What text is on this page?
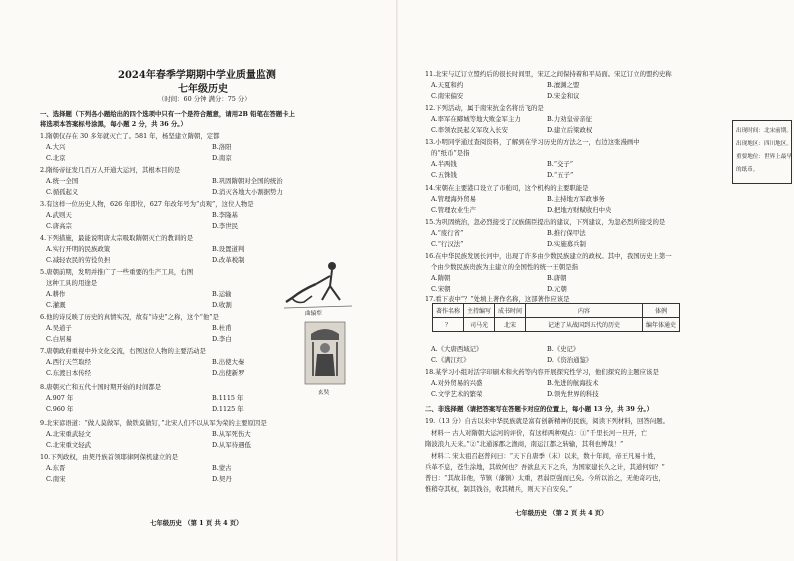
2024年春季学期期中学业质量监测
七年级历史
（时间：60 分钟 满分：75 分）
一、选择题（下列各小题给出的四个选项中只有一个是符合题意，请用2B 铅笔在答题卡上
将选项本答案标号涂黑，每小题 2 分，共 36 分。）
1.隋朝仅存在 30 多年就灭亡了。581 年，杨坚建立隋朝，定都
A.大兴	B.洛阳
C.北京	D.南京
2.隋炀帝征发几百万人开通大运河，其根本目的是
A.统一全国	B.巩固隋朝对全国的统治
C.循孤起义	D.消灭各地大小割据势力
3.有这样一位历史人物，626 年即位，627 年改年号为“贞观”，这位人物是
A.武则天	B.李隆基
C.唐高宗	D.李世民
4.下列措施，最能说明唐太宗吸取隋朝灭亡的教训的是
A.实行开明的民族政策	B.设置道判
C.减轻农民的劳役负担	D.改革税制
5.唐朝前期，发明并推广了一些重要的生产工具，右图
这种工具的用途是
A.耕作	B.运输
C.灌溉	D.收割
6.他的诗反映了历史的真情实况，故有“诗史”之称，这个“他”是
A.吴道子	B.杜甫
C.白居易	D.李白
7.唐朝政府重视中外文化交流，右图这位人物的主要活动是
A.西行天竺取经	B.出使大秦
C.东渡日本传经	D.出使新罗
8.唐朝灭亡和五代十国时期开始的时间都是
A.907 年	B.1115 年
C.960 年	D.1125 年
9.北宋谚语道：“做人莫做军，做铁莫做钉，”北宋人们不以从军为荣的主要原因是
A.北宋重武轻文	B.从军死伤大
C.北宋重文轻武	D.从军待遇低
10.下列政权，由契丹族首领耶律阿保机建立的是
A.东晋	B.蒙古
C.南宋	D.契丹
曲辕犁
玄奘
七年级历史 （第 1 页 共 4 页）
11.北宋与辽订立盟约后的很长时间里，宋辽之间保持着和平局面。宋辽订立的盟约史称
A.天夏和约	B.澶渊之盟
C.南宋偏安	D.宋金和议
12.下列活动，属于南宋抗金名将岳飞的是
A.率军在郾城等地大败金军主力	B.力劝皇帝亲征
C.率领农民起义军攻入长安	D.建立后梁政权
13.小明同学通过查阅资料，了解到在学习历史的方法之一，右边这张漫画中
的“纸币”是指
A.半两钱	B.“交子”
C.五铢钱	D.“五子”
14.宋朝在主要港口设立了市舶司，这个机构的主要职能是
A.管理海外贸易	B.主持地方军政事务
C.管理农业生产	D.把地方财赋收归中央
15.为巩固统治，忽必烈接受了汉族儒臣提出的建议，下列建议，为忽必烈所接受的是
A.“废行省”	B.推行保甲法
C.“行汉法”	D.实施募兵制
16.在中华民族发展长河中，出现了许多由少数民族建立的政权。其中，我国历史上第一
个由少数民族贵族为主建立的全国性的统一王朝是指
A.隋朝	B.唐朝
C.宋朝	D.元朝
17.看下表中“？”处填上著作名称，这部著作应该是
A.《大唐西域记》	B.《史记》
C.《满江红》	D.《资治通鉴》
18.某学习小组对活字印刷术和火药等内容开展探究性学习，他们探究的主题应该是
A.对外贸易的兴盛	B.先进的航海技术
C.文学艺术的繁荣	D.领先世界的科技
二、非选择题（请把答案写在答题卡对应的位置上，每小题 13 分，共 39 分。）
19.（13 分）自古以来中华民族就是富有创新精神的民族，阅读下列材料，回答问题。
材料一 古人对隋朝大运河的评价，有这样两种观点：①“千里长河一旦开，亡
隋波浪九天来。”②“北通涿郡之渔商，南运江都之转输，其利也博哉！”
材料二 宋太祖召赵普问曰：“天下自唐季（末）以来，数十年间，帝王凡易十姓，
兵革不息，苍生涂地，其故何也？吾欲息天下之兵，为国家建长久之计，其道何如？”
普曰：“其故非他，节镇（藩镇）太重，君弱臣强而已矣。今所以治之，无他奇巧也，
惟稍夺其权，制其钱谷，收其精兵，则天下自安矣。”
七年级历史 （第 2 页 共 4 页）
出现时间：北宋前期。
出现地区：四川地区。
重要地位：世界上最早
的纸币。
著作名称	主持编写	成书时间	内容	体例
？	司马光	北宋	记述了从战国到五代的历史	编年体通史
